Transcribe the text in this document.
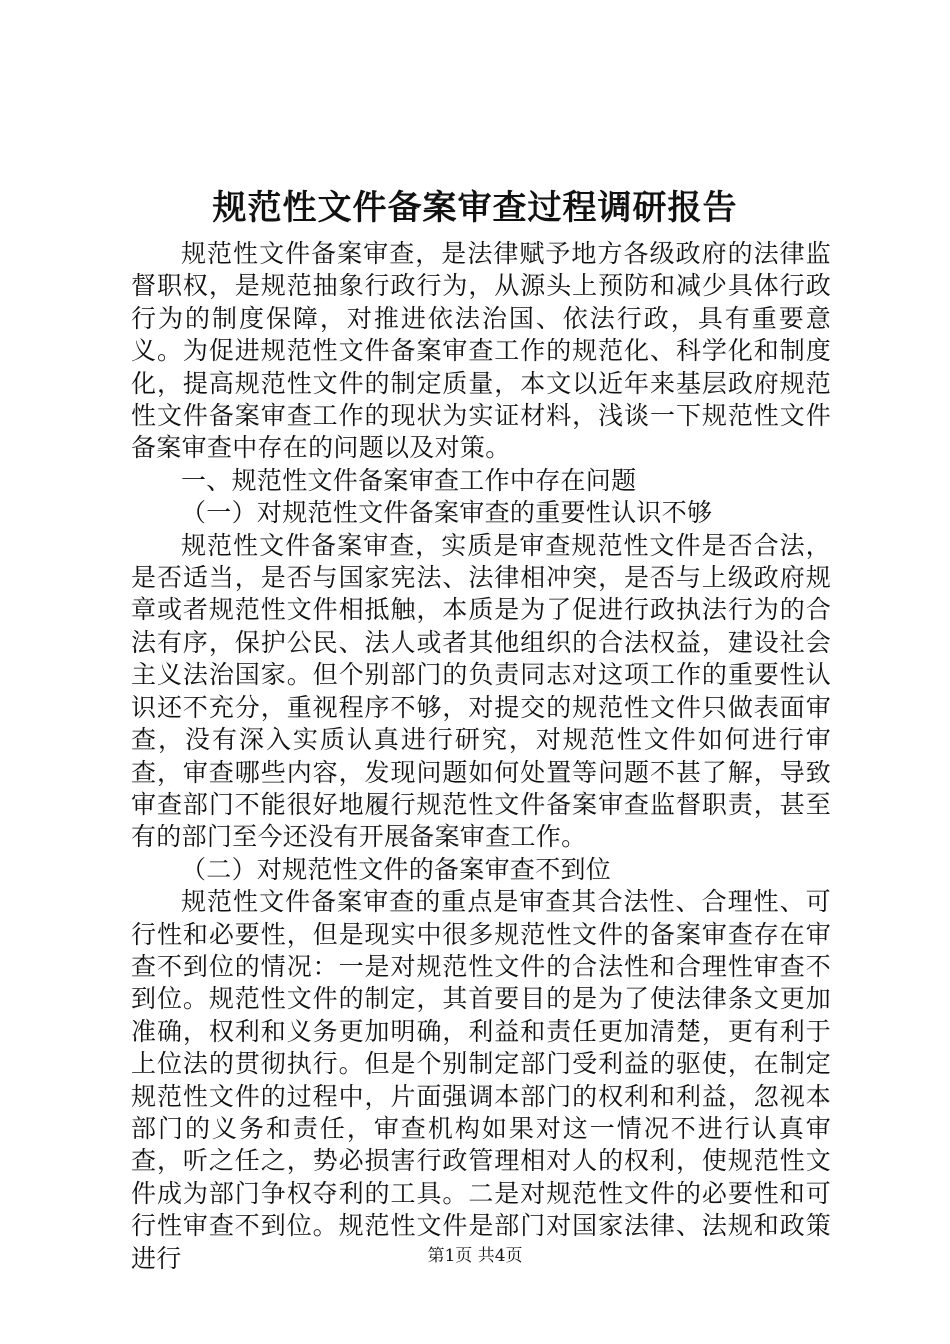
规范性文件备案审查过程调研报告

规范性文件备案审查，是法律赋予地方各级政府的法律监督职权，是规范抽象行政行为，从源头上预防和减少具体行政行为的制度保障，对推进依法治国、依法行政，具有重要意义。为促进规范性文件备案审查工作的规范化、科学化和制度化，提高规范性文件的制定质量，本文以近年来基层政府规范性文件备案审查工作的现状为实证材料，浅谈一下规范性文件备案审查中存在的问题以及对策。

一、规范性文件备案审查工作中存在问题

（一）对规范性文件备案审查的重要性认识不够

规范性文件备案审查，实质是审查规范性文件是否合法，是否适当，是否与国家宪法、法律相冲突，是否与上级政府规章或者规范性文件相抵触，本质是为了促进行政执法行为的合法有序，保护公民、法人或者其他组织的合法权益，建设社会主义法治国家。但个别部门的负责同志对这项工作的重要性认识还不充分，重视程序不够，对提交的规范性文件只做表面审查，没有深入实质认真进行研究，对规范性文件如何进行审查，审查哪些内容，发现问题如何处置等问题不甚了解，导致审查部门不能很好地履行规范性文件备案审查监督职责，甚至有的部门至今还没有开展备案审查工作。

（二）对规范性文件的备案审查不到位

规范性文件备案审查的重点是审查其合法性、合理性、可行性和必要性，但是现实中很多规范性文件的备案审查存在审查不到位的情况：一是对规范性文件的合法性和合理性审查不到位。规范性文件的制定，其首要目的是为了使法律条文更加准确，权利和义务更加明确，利益和责任更加清楚，更有利于上位法的贯彻执行。但是个别制定部门受利益的驱使，在制定规范性文件的过程中，片面强调本部门的权利和利益，忽视本部门的义务和责任，审查机构如果对这一情况不进行认真审查，听之任之，势必损害行政管理相对人的权利，使规范性文件成为部门争权夺利的工具。二是对规范性文件的必要性和可行性审查不到位。规范性文件是部门对国家法律、法规和政策进行	第1页 共4页
